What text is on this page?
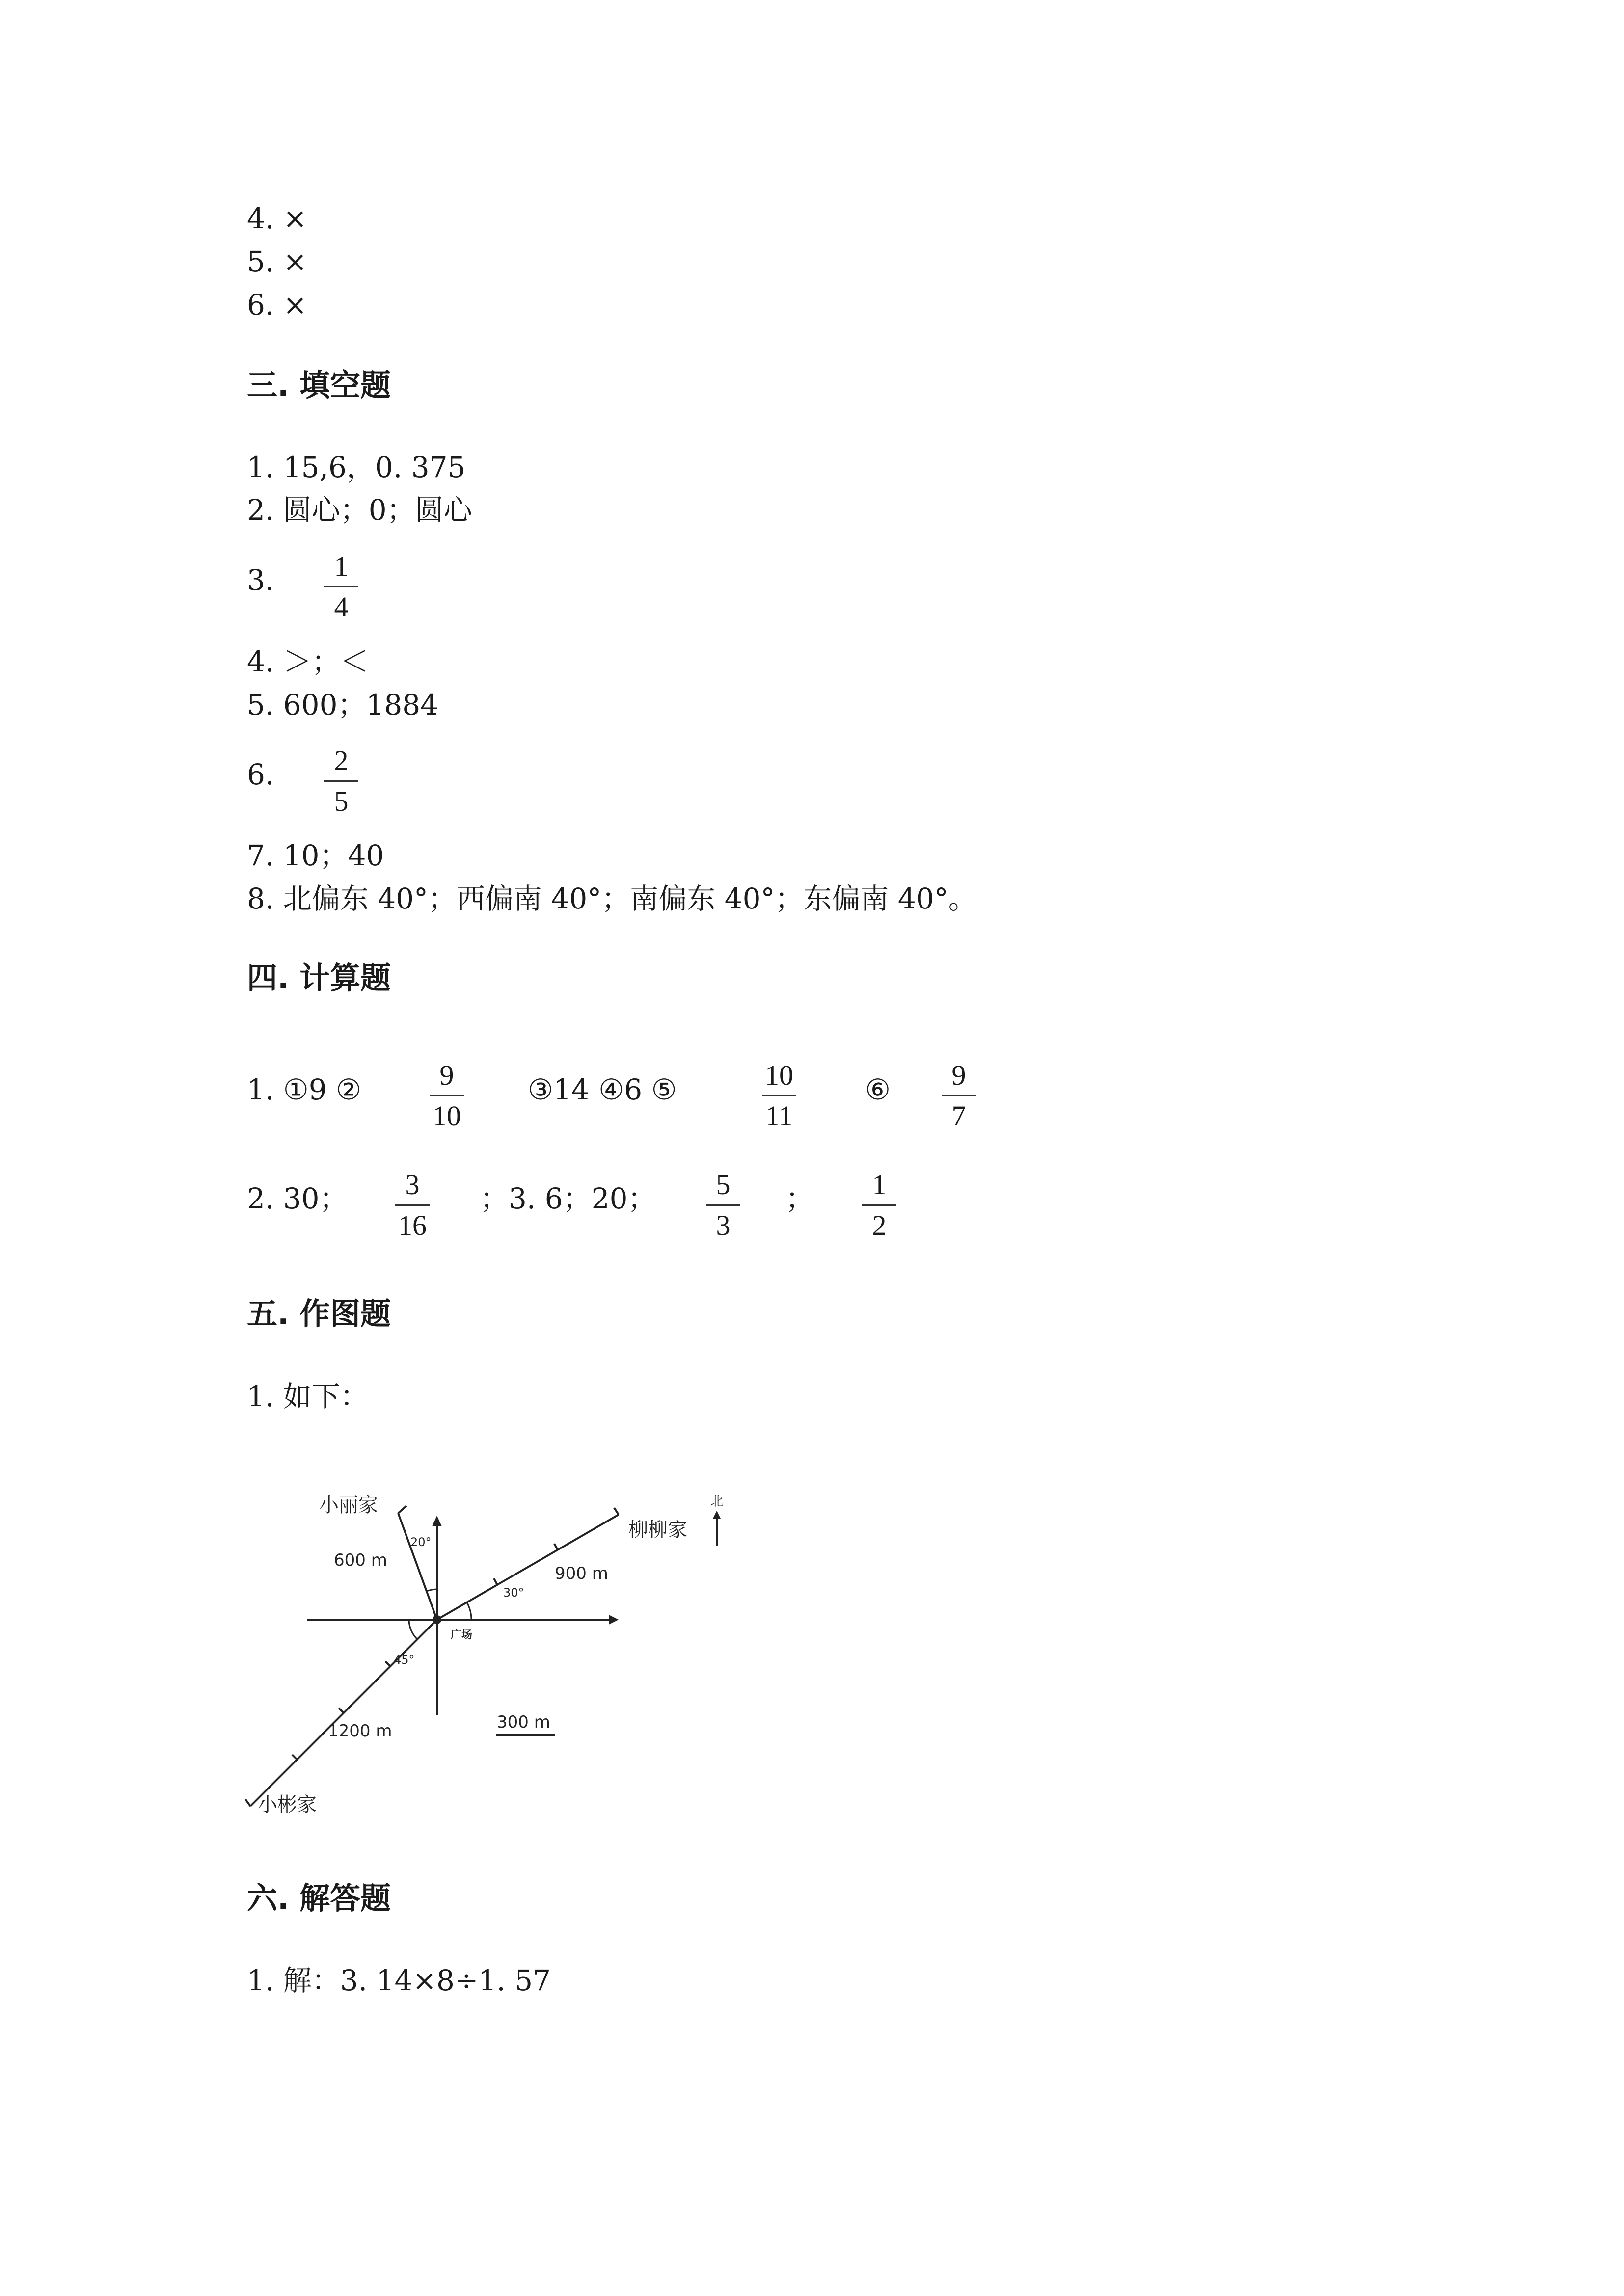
4. ×
5. ×
6. ×
三. 填空题
1. 15,6，0. 375
2. 圆心；0；圆心
3.	1
4
4. ＞；＜
5. 600；1884
6.	2
5
7. 10；40
8. 北偏东 40°；西偏南 40°；南偏东 40°；东偏南 40°。
四. 计算题
1. ①9 ②	9
10
③14 ④6 ⑤	10
11
⑥	9
7
2. 30；	3
16
；3. 6；20；	5
3
；	1
2
五. 作图题
1. 如下：
北
小丽家
柳柳家
小彬家
广场
600 m
900 m
1200 m
20°
30°
45°
300 m
六. 解答题
1. 解：3. 14×8÷1. 57
